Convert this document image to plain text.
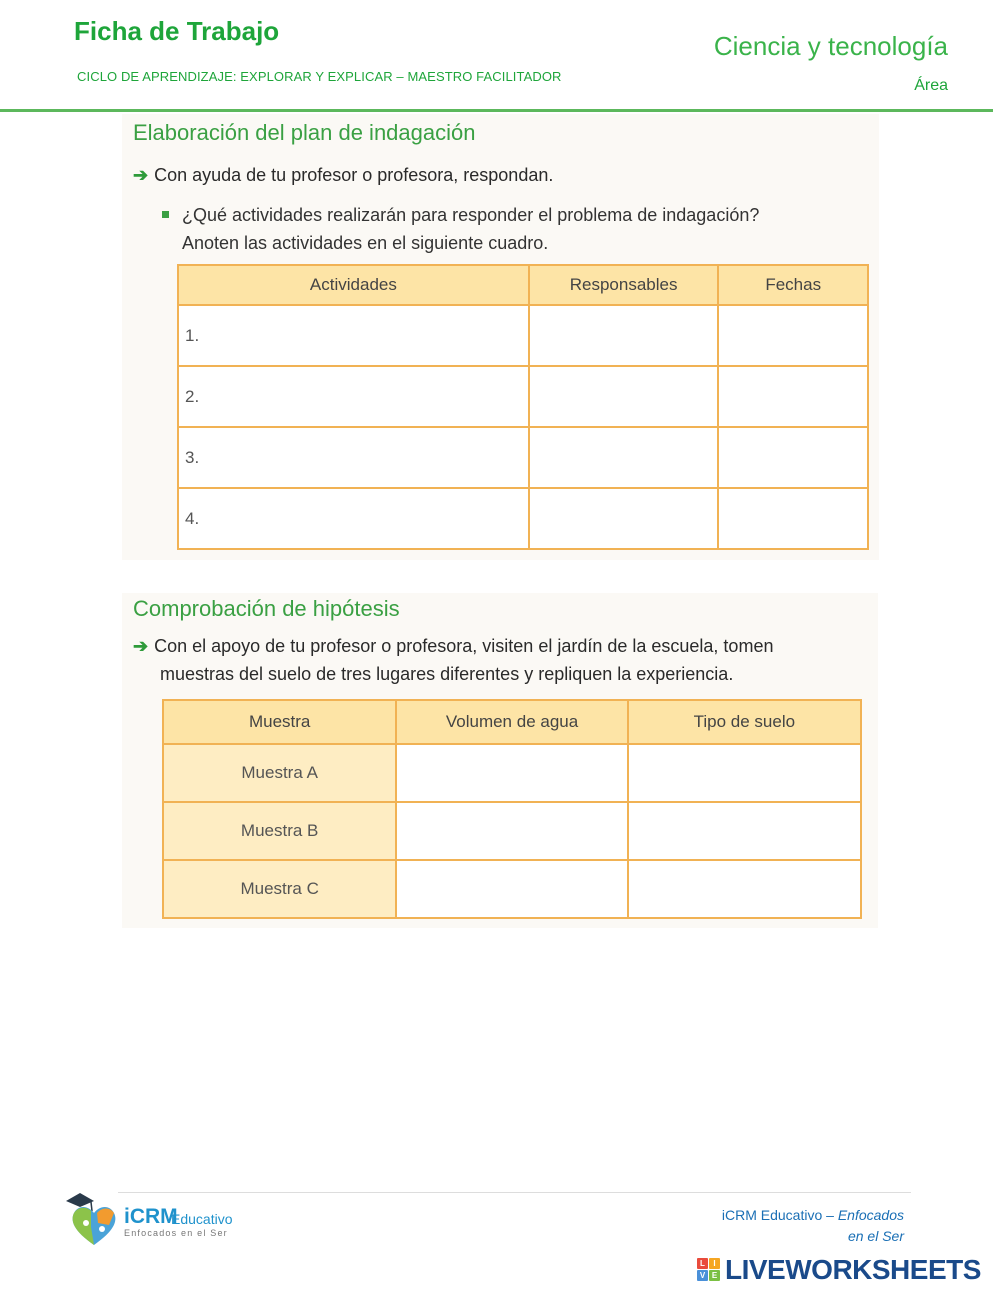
Ficha de Trabajo
CICLO DE APRENDIZAJE: EXPLORAR Y EXPLICAR – MAESTRO FACILITADOR
Ciencia y tecnología
Área
Elaboración del plan de indagación
➔ Con ayuda de tu profesor o profesora, respondan.
¿Qué actividades realizarán para responder el problema de indagación?
Anoten las actividades en el siguiente cuadro.
Actividades	Responsables	Fechas
1.		
2.		
3.		
4.		
Comprobación de hipótesis
➔ Con el apoyo de tu profesor o profesora, visiten el jardín de la escuela, tomen
muestras del suelo de tres lugares diferentes y repliquen la experiencia.
Muestra	Volumen de agua	Tipo de suelo
Muestra A		
Muestra B		
Muestra C		
iCRM
Educativo
Enfocados en el Ser
iCRM Educativo – Enfocados
en el Ser
L	I
V E LIVEWORKSHEETS
